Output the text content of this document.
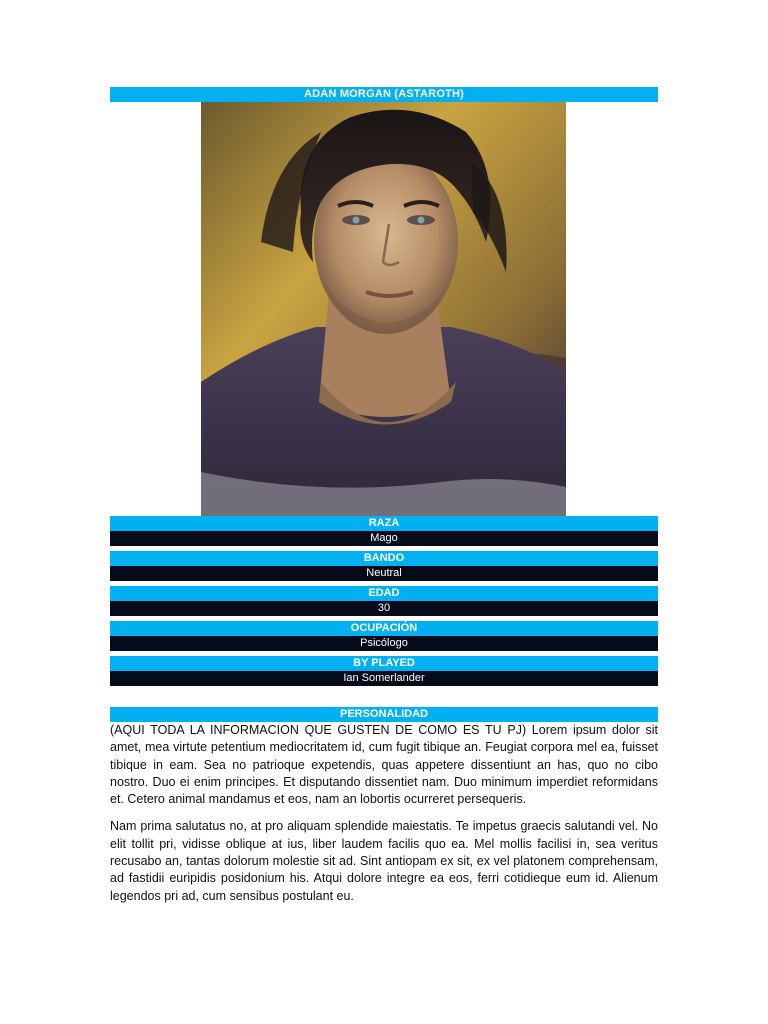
ADAN MORGAN (ASTAROTH)
RAZA
Mago
BANDO
Neutral
EDAD
30
OCUPACIÓN
Psicólogo
BY PLAYED
Ian Somerlander
PERSONALIDAD

(AQUI TODA LA INFORMACION QUE GUSTEN DE COMO ES TU PJ) Lorem ipsum dolor sit amet, mea virtute petentium mediocritatem id, cum fugit tibique an. Feugiat corpora mel ea, fuisset tibique in eam. Sea no patrioque expetendis, quas appetere dissentiunt an has, quo no cibo nostro. Duo ei enim principes. Et disputando dissentiet nam. Duo minimum imperdiet reformidans et. Cetero animal mandamus et eos, nam an lobortis ocurreret persequeris.

Nam prima salutatus no, at pro aliquam splendide maiestatis. Te impetus graecis salutandi vel. No elit tollit pri, vidisse oblique at ius, liber laudem facilis quo ea. Mel mollis facilisi in, sea veritus recusabo an, tantas dolorum molestie sit ad. Sint antiopam ex sit, ex vel platonem comprehensam, ad fastidii euripidis posidonium his. Atqui dolore integre ea eos, ferri cotidieque eum id. Alienum legendos pri ad, cum sensibus postulant eu.
